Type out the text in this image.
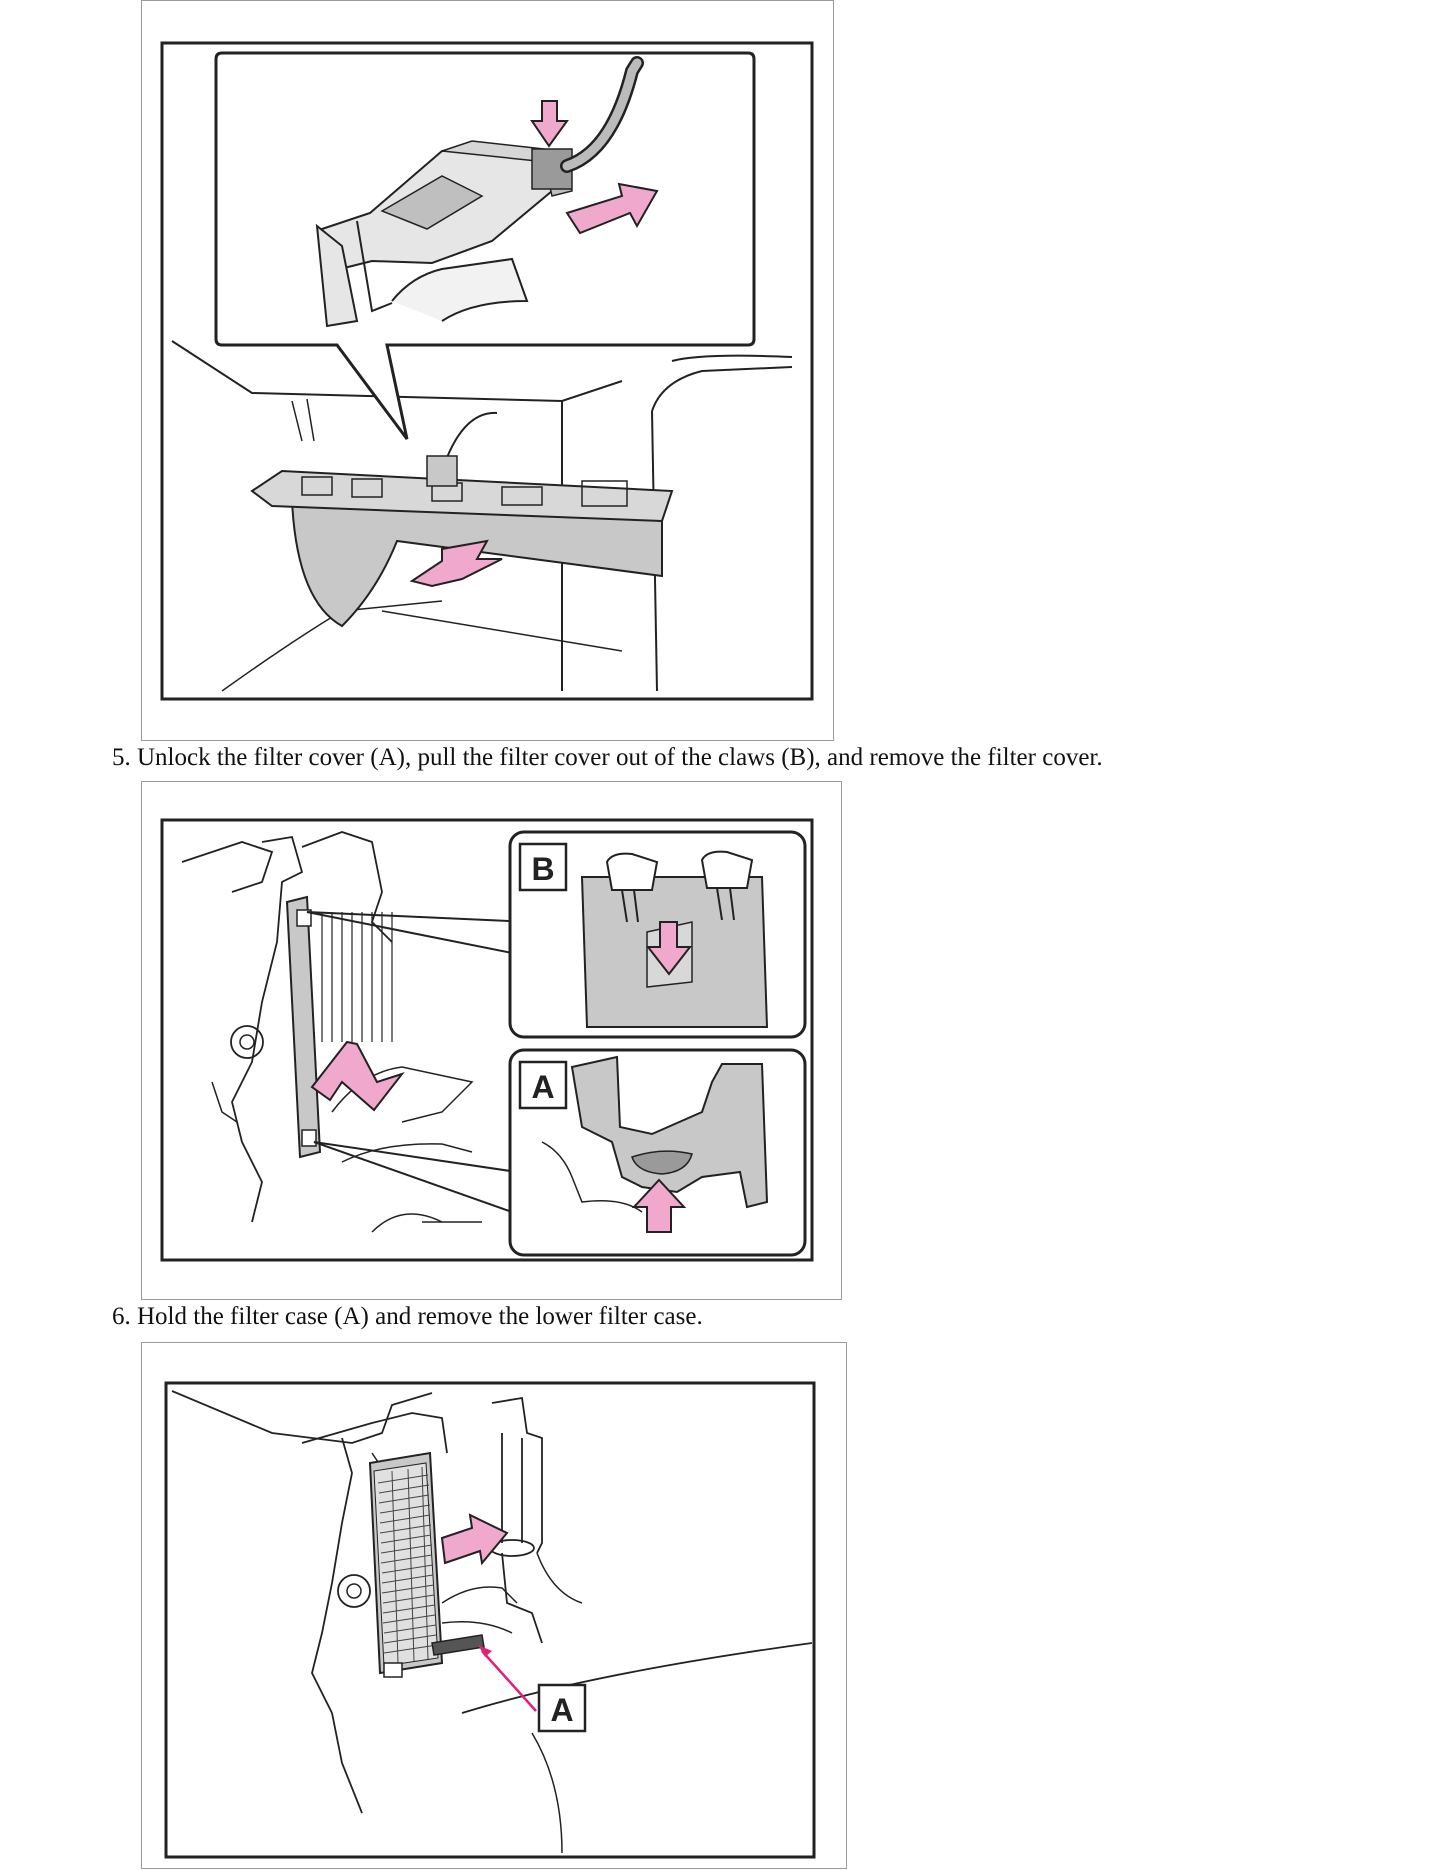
5. Unlock the filter cover (A), pull the filter cover out of the claws (B), and remove the filter cover.
B
A
6. Hold the filter case (A) and remove the lower filter case.
A
